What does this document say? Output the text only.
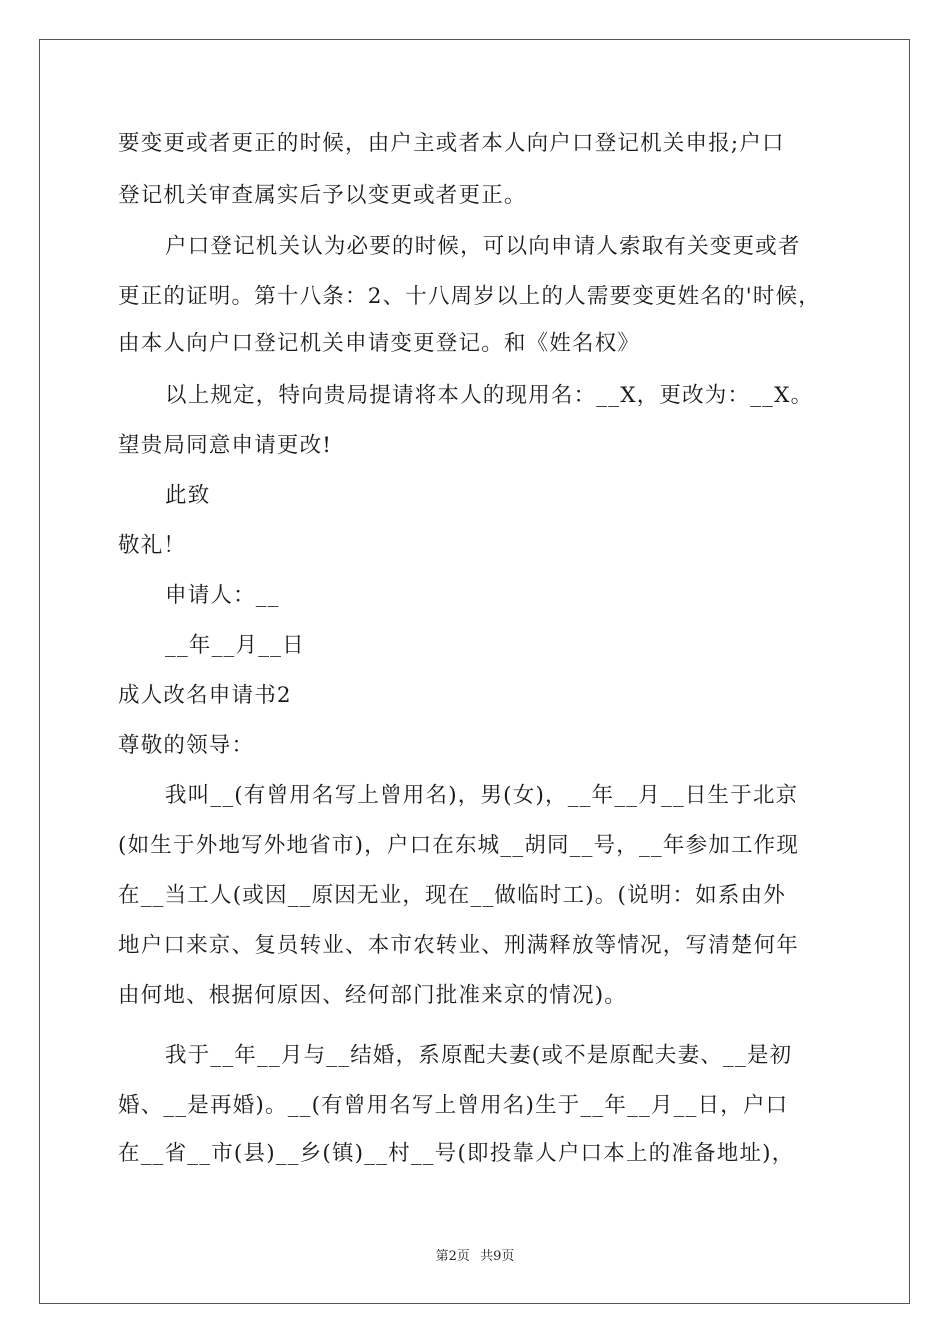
要变更或者更正的时候，由户主或者本人向户口登记机关申报;户口
登记机关审查属实后予以变更或者更正。
户口登记机关认为必要的时候，可以向申请人索取有关变更或者
更正的证明。第十八条：2、十八周岁以上的人需要变更姓名的'时候，
由本人向户口登记机关申请变更登记。和《姓名权》
以上规定，特向贵局提请将本人的现用名：__X，更改为：__X。
望贵局同意申请更改!
此致
敬礼！
申请人：__
__年__月__日
成人改名申请书2
尊敬的领导：
我叫__(有曾用名写上曾用名)，男(女)，__年__月__日生于北京
(如生于外地写外地省市)，户口在东城__胡同__号，__年参加工作现
在__当工人(或因__原因无业，现在__做临时工)。(说明：如系由外
地户口来京、复员转业、本市农转业、刑满释放等情况，写清楚何年
由何地、根据何原因、经何部门批准来京的情况)。
我于__年__月与__结婚，系原配夫妻(或不是原配夫妻、__是初
婚、__是再婚)。__(有曾用名写上曾用名)生于__年__月__日，户口
在__省__市(县)__乡(镇)__村__号(即投靠人户口本上的准备地址)，
第2页 共9页
